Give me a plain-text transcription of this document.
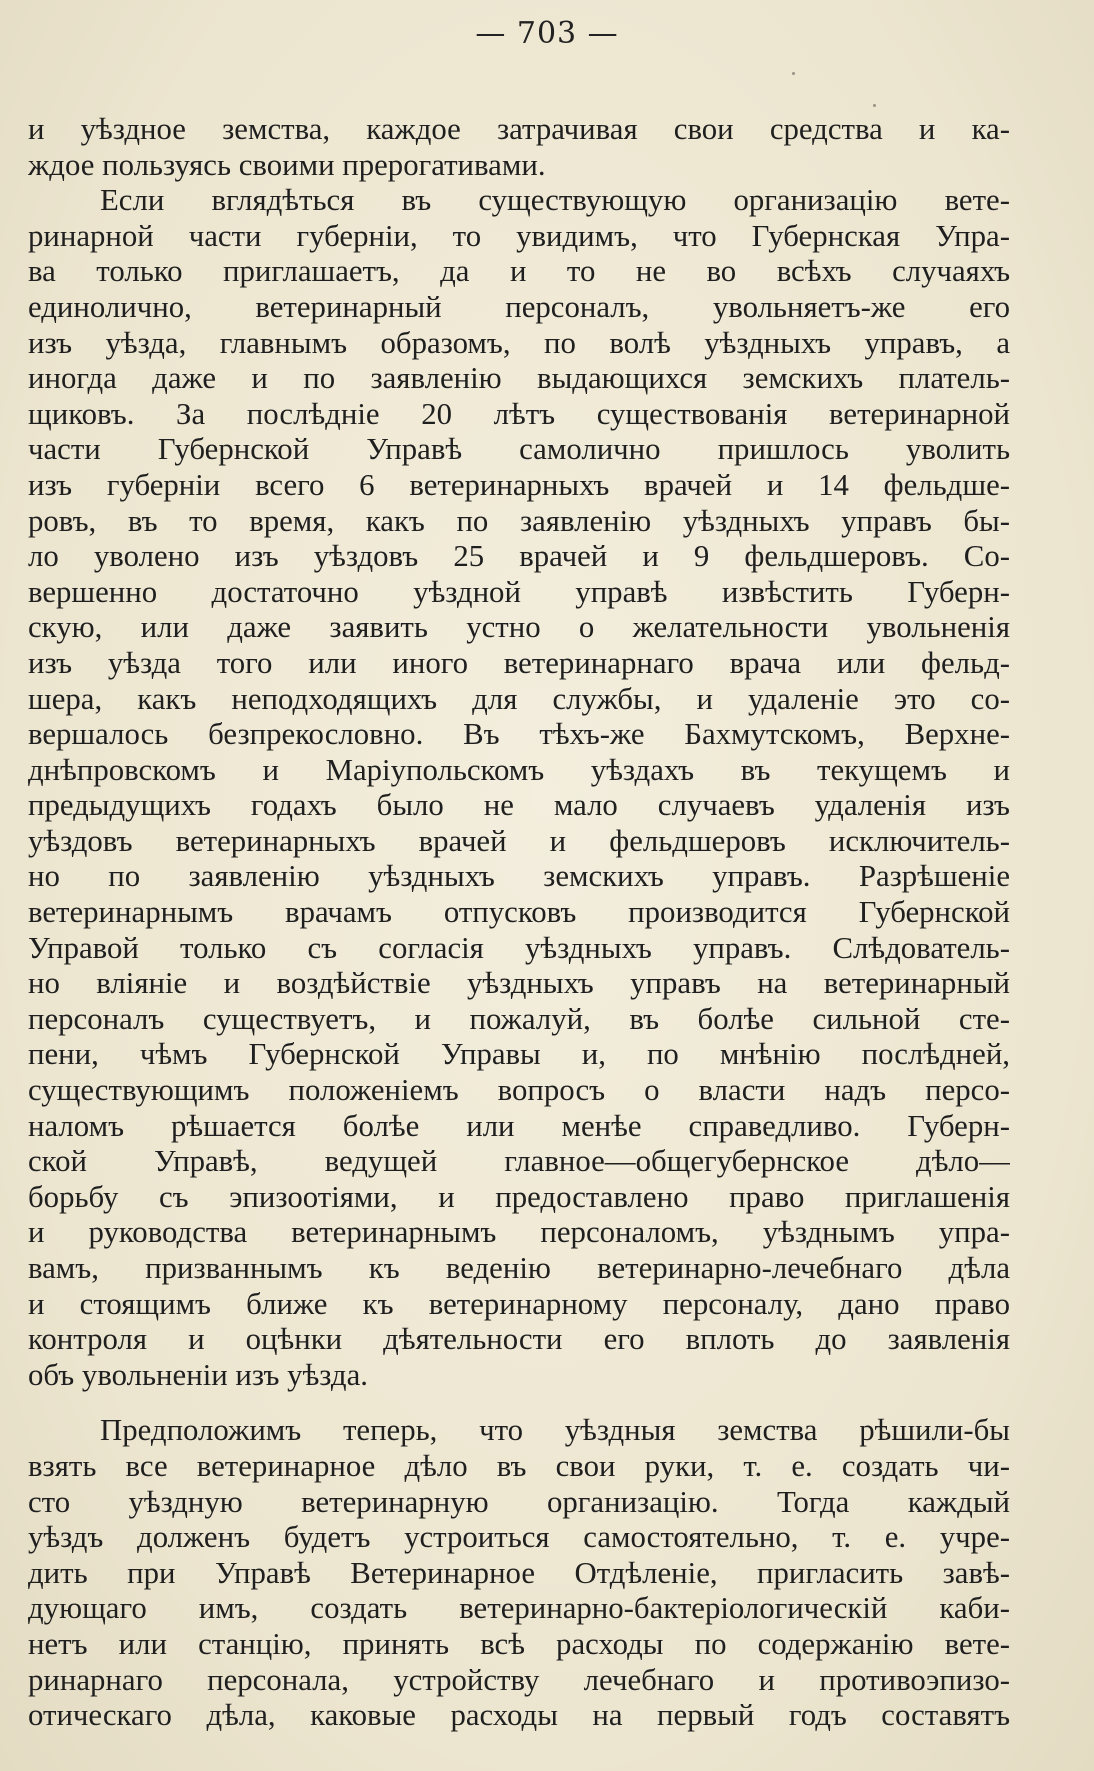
— 703 —
и уѣздное земства, каждое затрачивая свои средства и ка-
ждое пользуясь своими прерогативами.
Если вглядѣться въ существующую организацію вете-
ринарной части губерніи, то увидимъ, что Губернская Упра-
ва только приглашаетъ, да и то не во всѣхъ случаяхъ
единолично, ветеринарный персоналъ, увольняетъ-же его
изъ уѣзда, главнымъ образомъ, по волѣ уѣздныхъ управъ, а
иногда даже и по заявленію выдающихся земскихъ платель-
щиковъ. За послѣдніе 20 лѣтъ существованія ветеринарной
части Губернской Управѣ самолично пришлось уволить
изъ губерніи всего 6 ветеринарныхъ врачей и 14 фельдше-
ровъ, въ то время, какъ по заявленію уѣздныхъ управъ бы-
ло уволено изъ уѣздовъ 25 врачей и 9 фельдшеровъ. Со-
вершенно достаточно уѣздной управѣ извѣстить Губерн-
скую, или даже заявить устно о желательности увольненія
изъ уѣзда того или иного ветеринарнаго врача или фельд-
шера, какъ неподходящихъ для службы, и удаленіе это со-
вершалось безпрекословно. Въ тѣхъ-же Бахмутскомъ, Верхне-
днѣпровскомъ и Маріупольскомъ уѣздахъ въ текущемъ и
предыдущихъ годахъ было не мало случаевъ удаленія изъ
уѣздовъ ветеринарныхъ врачей и фельдшеровъ исключитель-
но по заявленію уѣздныхъ земскихъ управъ. Разрѣшеніе
ветеринарнымъ врачамъ отпусковъ производится Губернской
Управой только съ согласія уѣздныхъ управъ. Слѣдователь-
но вліяніе и воздѣйствіе уѣздныхъ управъ на ветеринарный
персоналъ существуетъ, и пожалуй, въ болѣе сильной сте-
пени, чѣмъ Губернской Управы и, по мнѣнію послѣдней,
существующимъ положеніемъ вопросъ о власти надъ персо-
наломъ рѣшается болѣе или менѣе справедливо. Губерн-
ской Управѣ, ведущей главное—общегубернское дѣло—
борьбу съ эпизоотіями, и предоставлено право приглашенія
и руководства ветеринарнымъ персоналомъ, уѣзднымъ упра-
вамъ, призваннымъ къ веденію ветеринарно-лечебнаго дѣла
и стоящимъ ближе къ ветеринарному персоналу, дано право
контроля и оцѣнки дѣятельности его вплоть до заявленія
объ увольненіи изъ уѣзда.
Предположимъ теперь, что уѣздныя земства рѣшили-бы
взять все ветеринарное дѣло въ свои руки, т. е. создать чи-
сто уѣздную ветеринарную организацію. Тогда каждый
уѣздъ долженъ будетъ устроиться самостоятельно, т. е. учре-
дить при Управѣ Ветеринарное Отдѣленіе, пригласить завѣ-
дующаго имъ, создать ветеринарно-бактеріологическій каби-
нетъ или станцію, принять всѣ расходы по содержанію вете-
ринарнаго персонала, устройству лечебнаго и противоэпизо-
отическаго дѣла, каковые расходы на первый годъ составятъ
